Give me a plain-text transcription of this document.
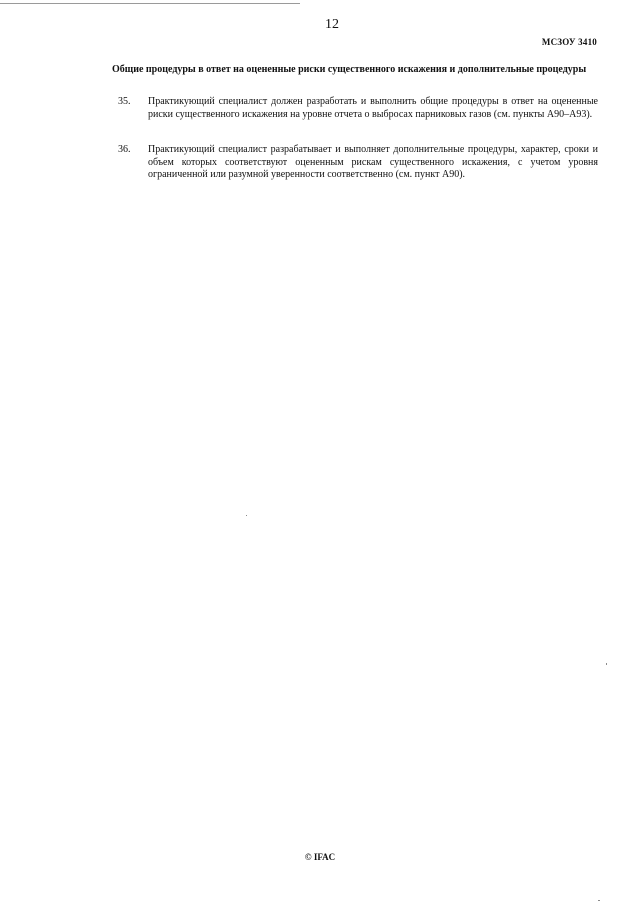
12
МСЗОУ 3410
Общие процедуры в ответ на оцененные риски существенного искажения и дополнительные процедуры
35.	Практикующий специалист должен разработать и выполнить общие процедуры в ответ на оцененные риски существенного искажения на уровне отчета о выбросах парниковых газов (см. пункты А90–А93).
36.	Практикующий специалист разрабатывает и выполняет дополнительные процедуры, характер, сроки и объем которых соответствуют оцененным рискам существенного искажения, с учетом уровня ограниченной или разумной уверенности соответственно (см. пункт А90).
© IFAC
